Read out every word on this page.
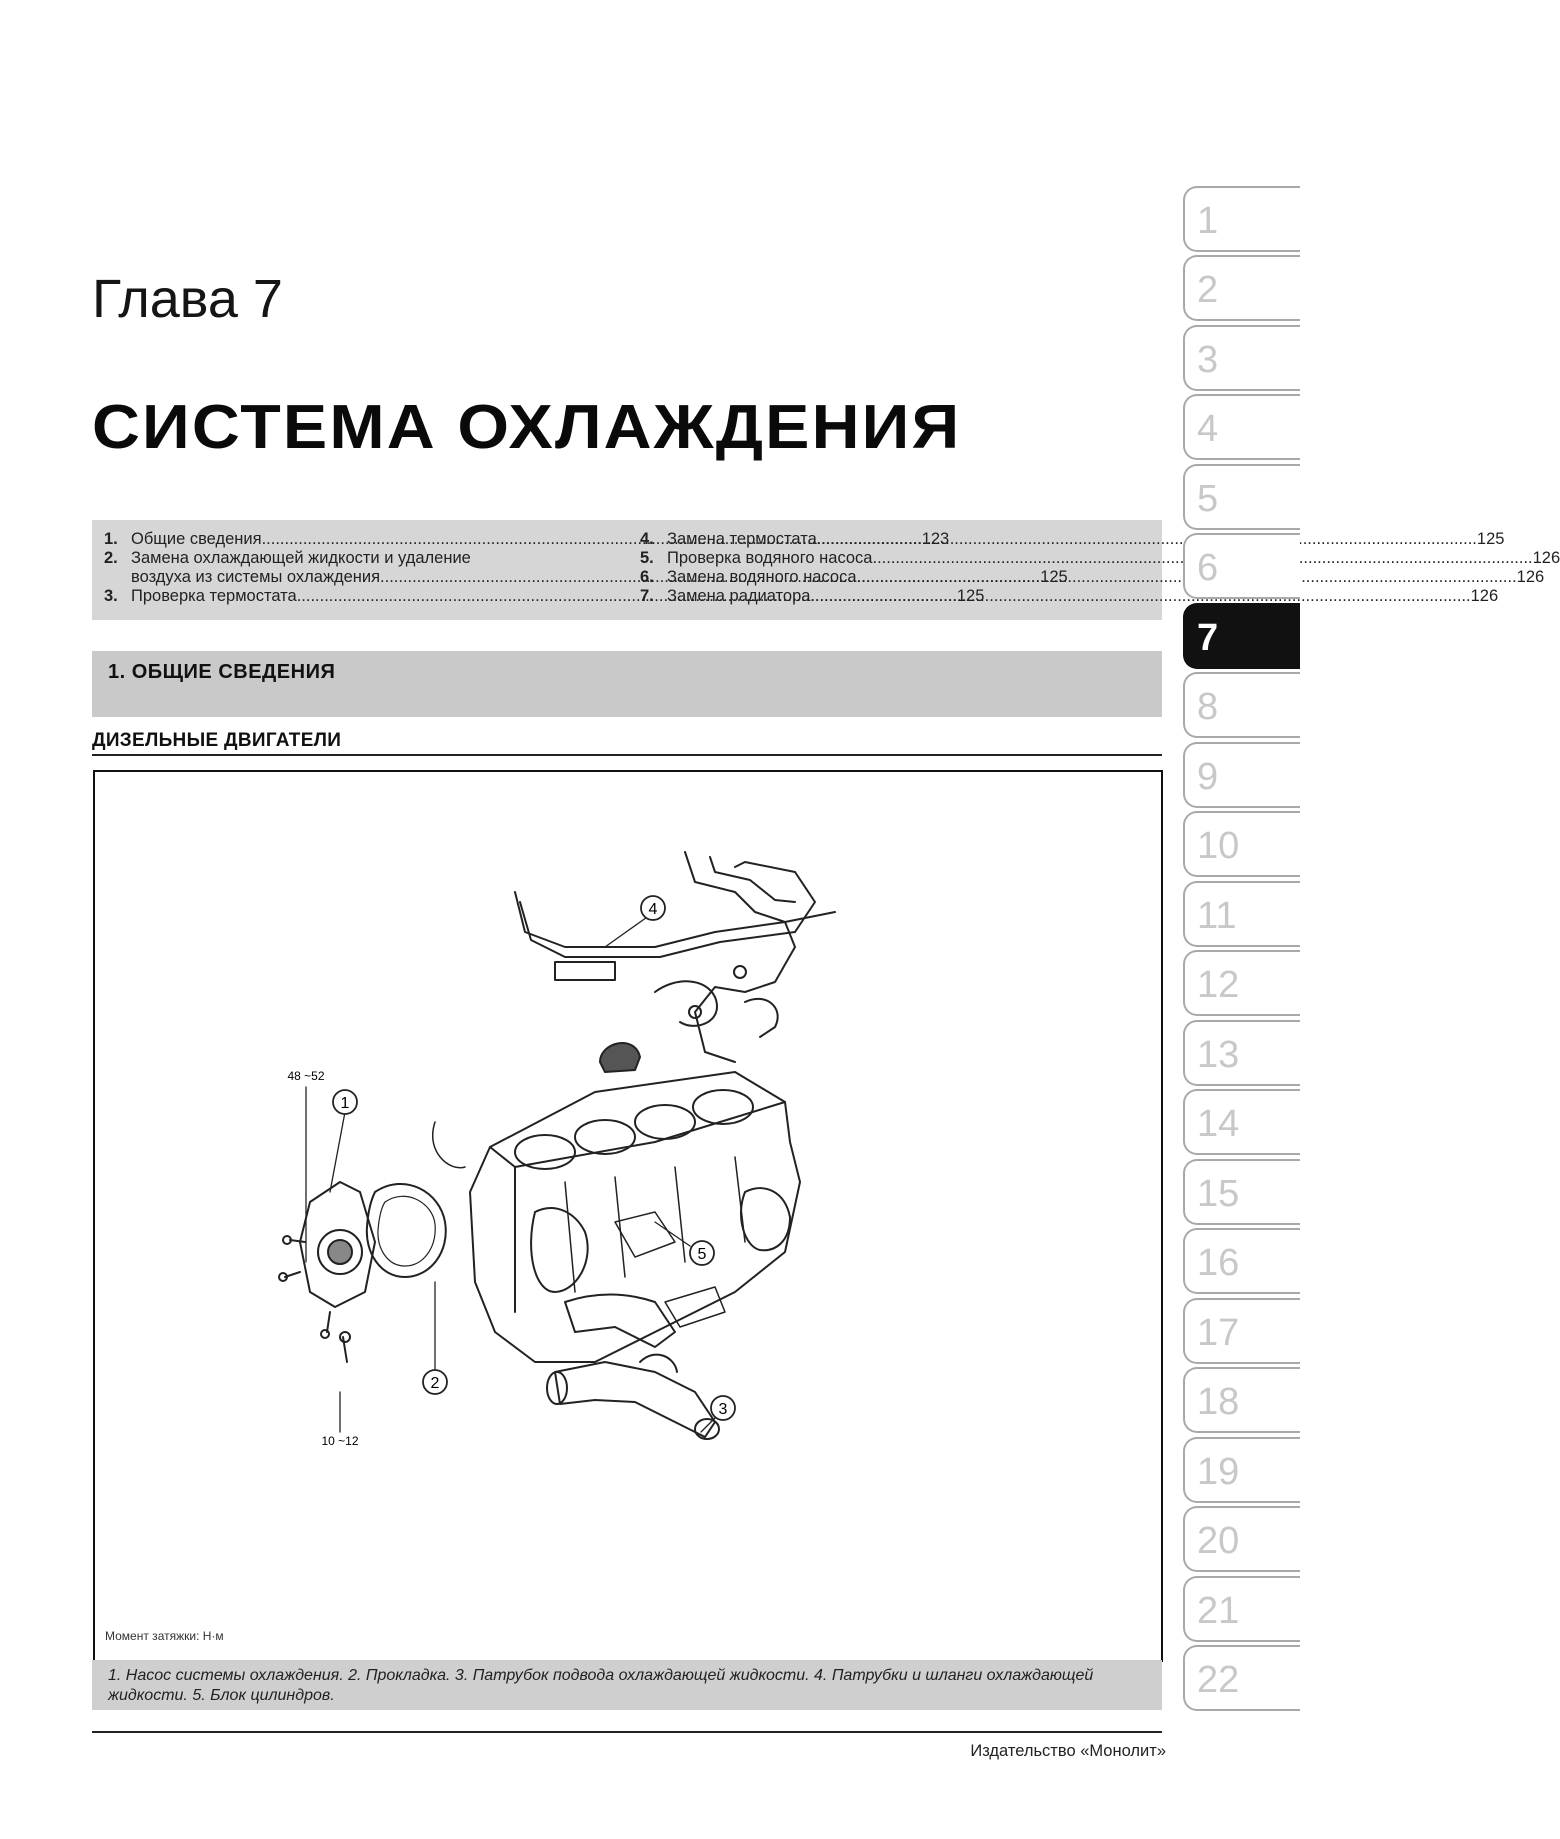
Глава 7
СИСТЕМА ОХЛАЖДЕНИЯ
1. Общие сведения .....	123
2. Замена охлаждающей жидкости и удаление
воздуха из системы охлаждения .....	125
3. Проверка термостата .....	125
4. Замена термостата .....	125
5. Проверка водяного насоса .....	126
6. Замена водяного насоса .....	126
7. Замена радиатора .....	126
1. ОБЩИЕ СВЕДЕНИЯ
ДИЗЕЛЬНЫЕ ДВИГАТЕЛИ
1
2
3
4
5
48 ~52
10 ~12
Момент затяжки: Н·м
1. Насос системы охлаждения. 2. Прокладка. 3. Патрубок подвода охлаждающей жидкости. 4. Патрубки и шланги охлаждающей жидкости. 5. Блок цилиндров.
Издательство «Монолит»
1
2
3
4
5
6
7
8
9
10
11
12
13
14
15
16
17
18
19
20
21
22
